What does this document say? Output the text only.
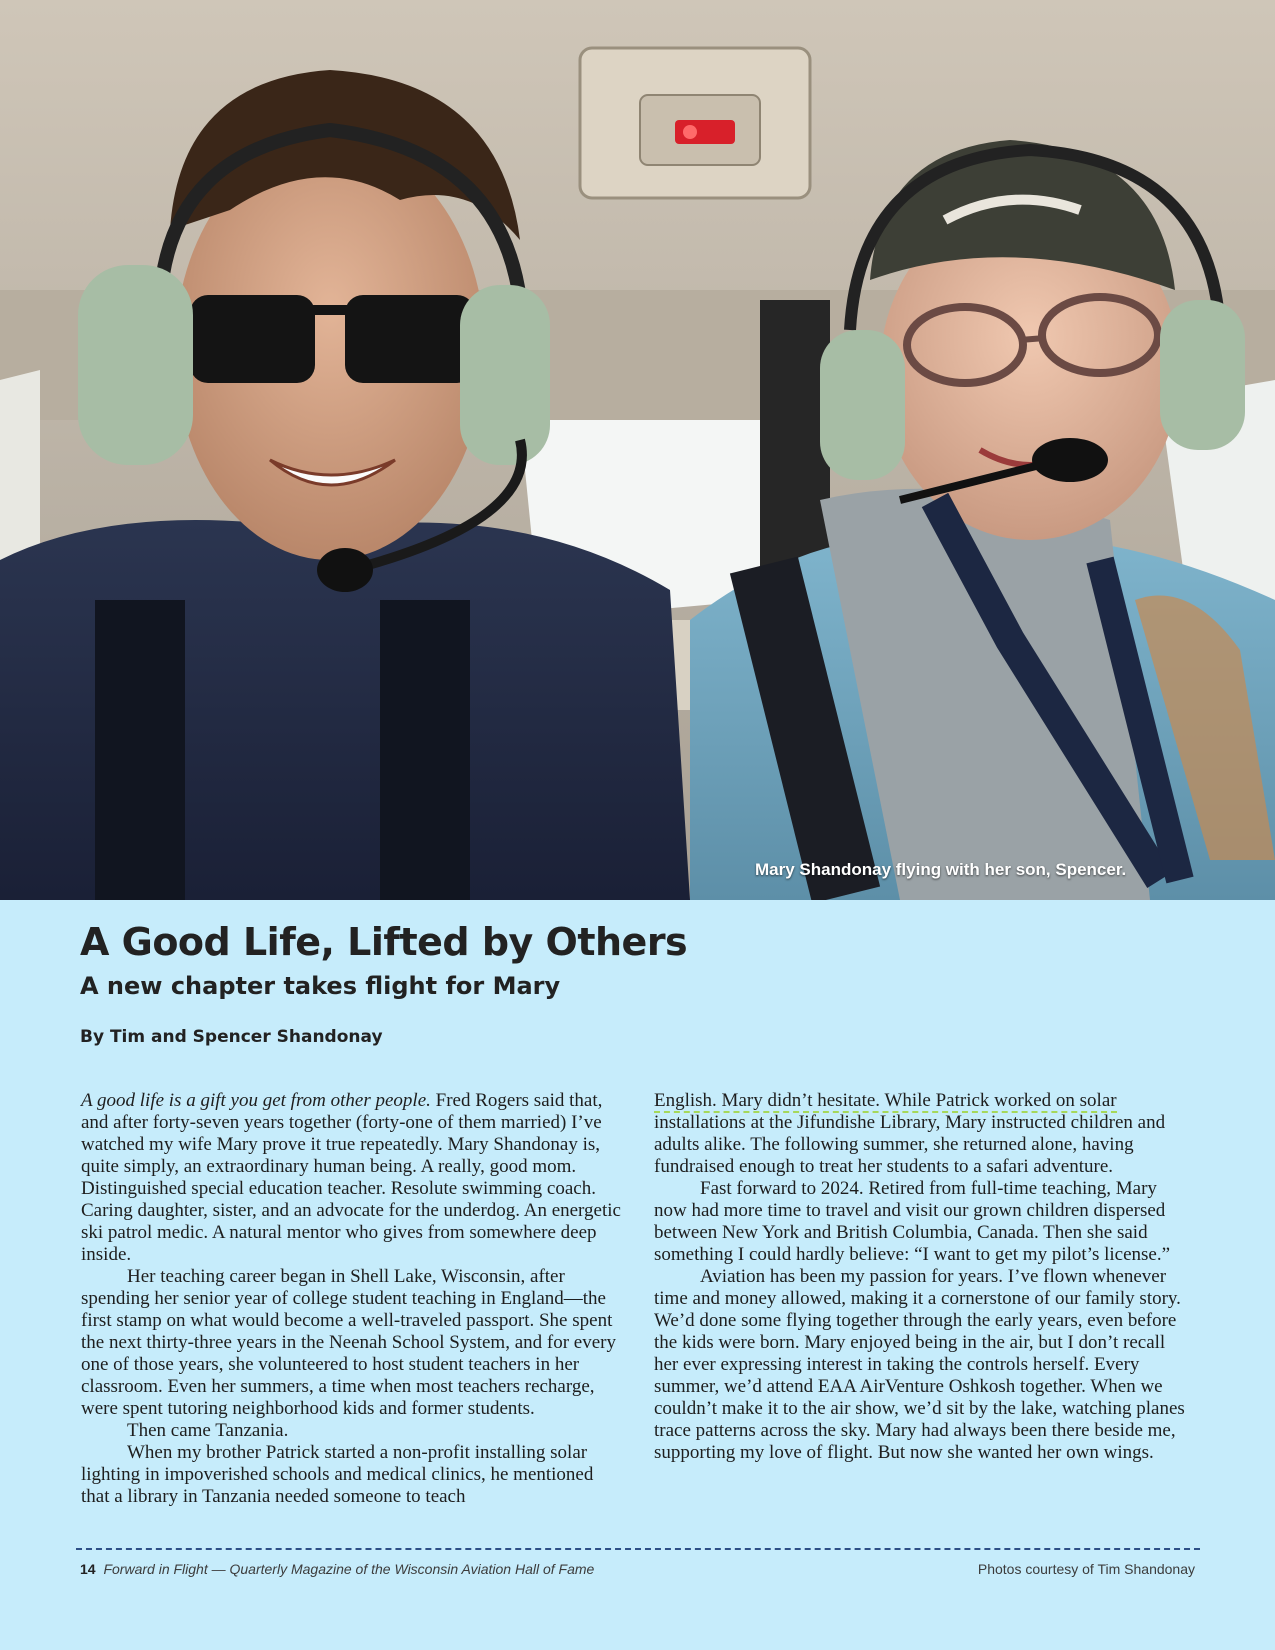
Mary Shandonay flying with her son, Spencer.
A Good Life, Lifted by Others
A new chapter takes flight for Mary
By Tim and Spencer Shandonay

A good life is a gift you get from other people. Fred Rogers said that, and after forty-seven years together (forty-one of them married) I’ve watched my wife Mary prove it true repeatedly. Mary Shandonay is, quite simply, an extraordinary human being. A really, good mom. Distinguished special education teacher. Resolute swimming coach. Caring daughter, sister, and an advocate for the underdog. An energetic ski patrol medic. A natural mentor who gives from somewhere deep inside.

Her teaching career began in Shell Lake, Wisconsin, after spending her senior year of college student teaching in England—the first stamp on what would become a well-traveled passport. She spent the next thirty-three years in the Neenah School System, and for every one of those years, she volunteered to host student teachers in her classroom. Even her summers, a time when most teachers recharge, were spent tutoring neighborhood kids and former students.

Then came Tanzania.

When my brother Patrick started a non-profit installing solar lighting in impoverished schools and medical clinics, he mentioned that a library in Tanzania needed someone to teach

English. Mary didn’t hesitate. While Patrick worked on solar installations at the Jifundishe Library, Mary instructed children and adults alike. The following summer, she returned alone, having fundraised enough to treat her students to a safari adventure.

Fast forward to 2024. Retired from full-time teaching, Mary now had more time to travel and visit our grown children dispersed between New York and British Columbia, Canada. Then she said something I could hardly believe: “I want to get my pilot’s license.”

Aviation has been my passion for years. I’ve flown whenever time and money allowed, making it a cornerstone of our family story. We’d done some flying together through the early years, even before the kids were born. Mary enjoyed being in the air, but I don’t recall her ever expressing interest in taking the controls herself. Every summer, we’d attend EAA AirVenture Oshkosh together. When we couldn’t make it to the air show, we’d sit by the lake, watching planes trace patterns across the sky. Mary had always been there beside me, supporting my love of flight. But now she wanted her own wings.

14 Forward in Flight — Quarterly Magazine of the Wisconsin Aviation Hall of Fame	Photos courtesy of Tim Shandonay
